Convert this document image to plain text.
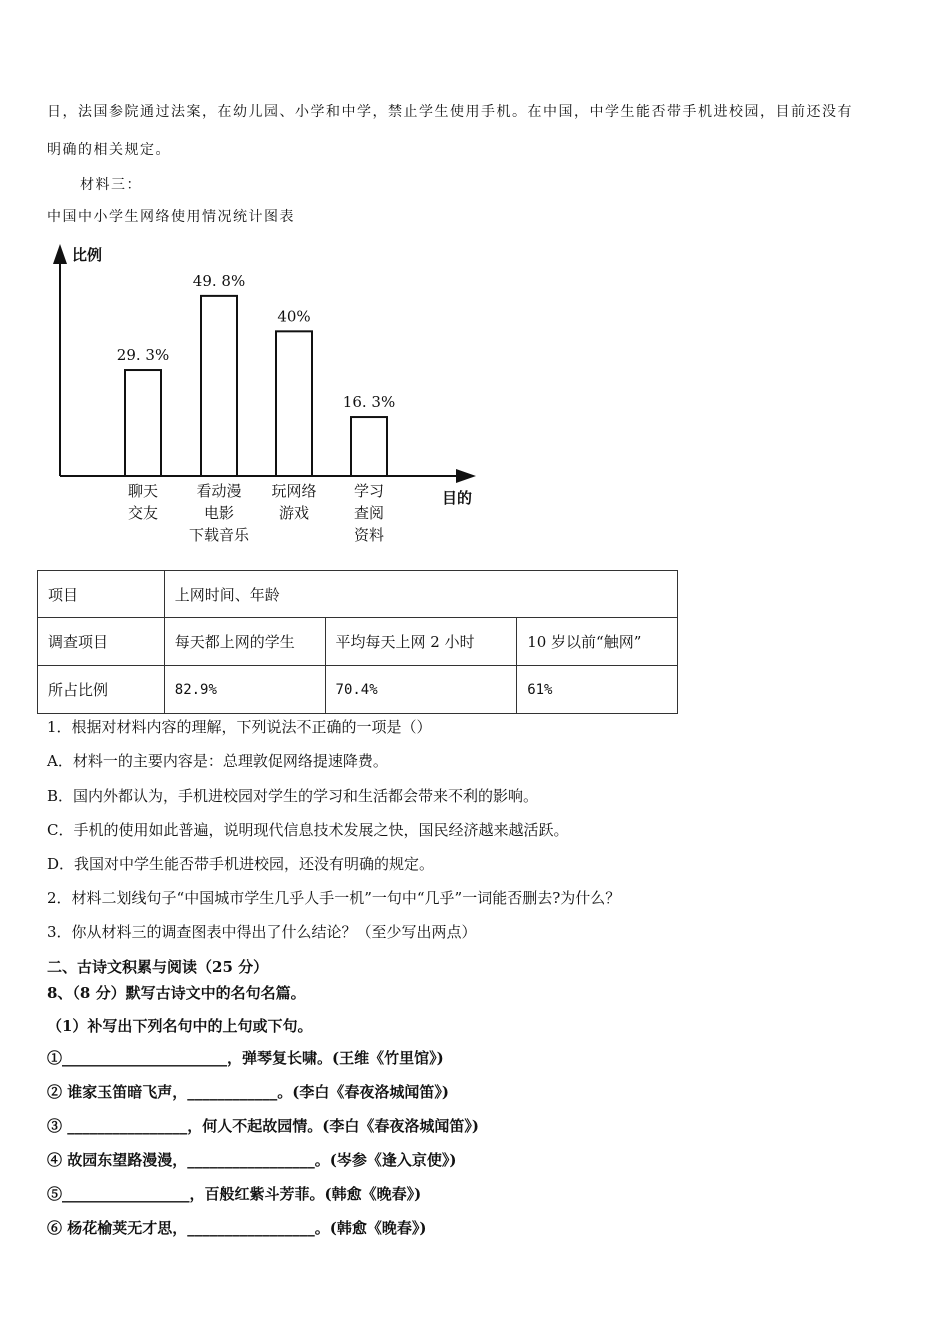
日，法国参院通过法案，在幼儿园、小学和中学，禁止学生使用手机。在中国，中学生能否带手机进校园，目前还没有

明确的相关规定。

材料三：

中国中小学生网络使用情况统计图表

比例
目的
29. 3%
聊天
交友
49. 8%
看动漫
电影
下载音乐
40%
玩网络
游戏
16. 3%
学习
查阅
资料
项目	上网时间、年龄		
调查项目	每天都上网的学生	平均每天上网 2 小时	10 岁以前“触网”
所占比例	82.9%	70.4%	61%

1．根据对材料内容的理解，下列说法不正确的一项是（）

A．材料一的主要内容是：总理敦促网络提速降费。

B．国内外都认为，手机进校园对学生的学习和生活都会带来不利的影响。

C．手机的使用如此普遍，说明现代信息技术发展之快，国民经济越来越活跃。

D．我国对中学生能否带手机进校园，还没有明确的规定。

2．材料二划线句子“中国城市学生几乎人手一机”一句中“几乎”一词能否删去?为什么？

3．你从材料三的调查图表中得出了什么结论？（至少写出两点）

二、古诗文积累与阅读（25 分）

8、（8 分）默写古诗文中的名句名篇。

（1）补写出下列名句中的上句或下句。

①______________________，弹琴复长啸。(王维《竹里馆》)

② 谁家玉笛暗飞声，____________。(李白《春夜洛城闻笛》)

③ ________________，何人不起故园情。(李白《春夜洛城闻笛》)

④ 故园东望路漫漫，_________________。(岑参《逢入京使》)

⑤_________________，百般红紫斗芳菲。(韩愈《晚春》)

⑥ 杨花榆荚无才思，_________________。(韩愈《晚春》)
